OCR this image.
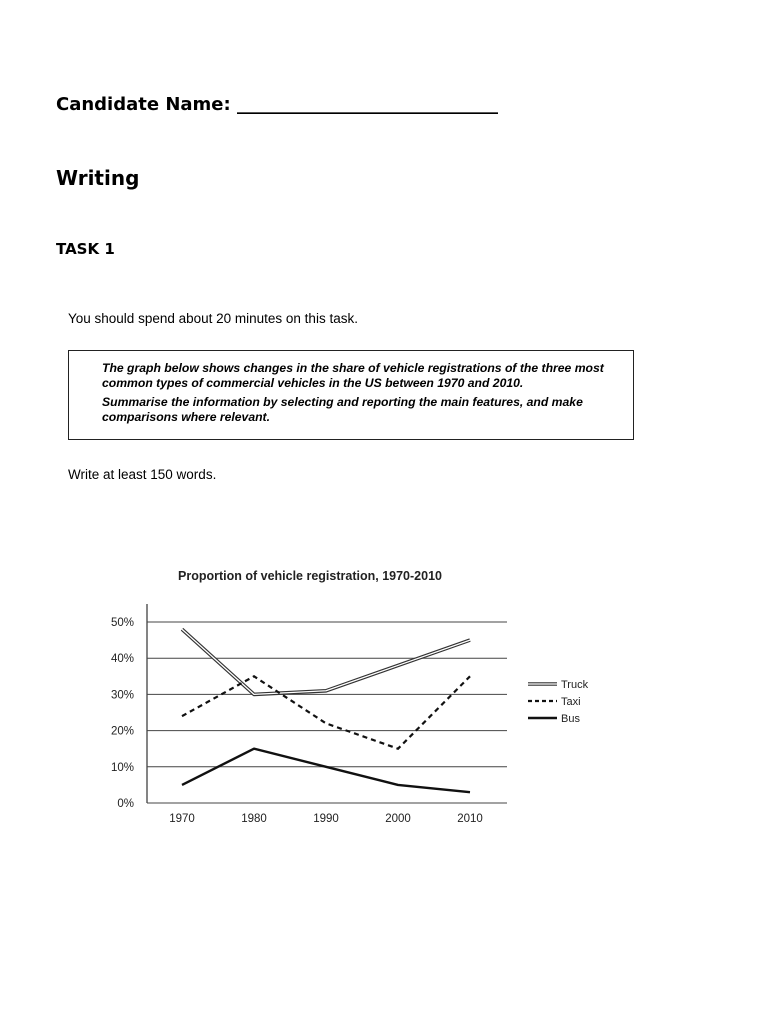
Candidate Name: _____________________________
Writing
TASK 1
You should spend about 20 minutes on this task.

The graph below shows changes in the share of vehicle registrations of the three most common types of commercial vehicles in the US between 1970 and 2010.

Summarise the information by selecting and reporting the main features, and make comparisons where relevant.

Write at least 150 words.
Proportion of vehicle registration, 1970-2010
0%
10%
20%
30%
40%
50%
1970	1980	1990	2000	2010
Truck
Taxi
Bus
